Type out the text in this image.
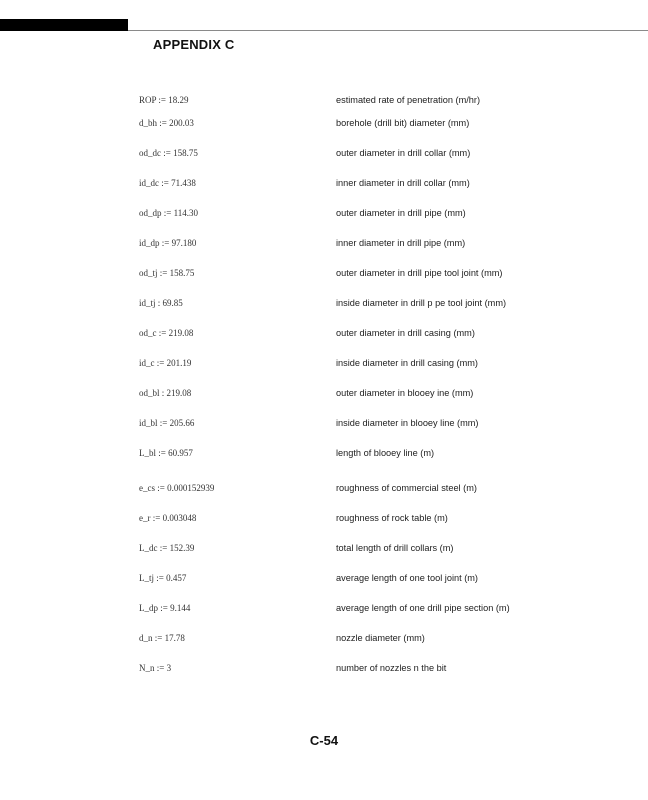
APPENDIX C
ROP := 18.29	estimated rate of penetration (m/hr)
d_bh := 200.03	borehole (drill bit) diameter (mm)
od_dc := 158.75	outer diameter in drill collar (mm)
id_dc := 71.438	inner diameter in drill collar (mm)
od_dp := 114.30	outer diameter in drill pipe (mm)
id_dp := 97.180	inner diameter in drill pipe (mm)
od_tj := 158.75	outer diameter in drill pipe tool joint (mm)
id_tj : 69.85	inside diameter in drill p pe tool joint (mm)
od_c := 219.08	outer diameter in drill casing (mm)
id_c := 201.19	inside diameter in drill casing (mm)
od_bl : 219.08	outer diameter in blooey ine (mm)
id_bl := 205.66	inside diameter in blooey line (mm)
L_bl := 60.957	length of blooey line (m)
e_cs := 0.000152939	roughness of commercial steel (m)
e_r := 0.003048	roughness of rock table (m)
L_dc := 152.39	total length of drill collars (m)
L_tj := 0.457	average length of one tool joint (m)
L_dp := 9.144	average length of one drill pipe section (m)
d_n := 17.78	nozzle diameter (mm)
N_n := 3	number of nozzles n the bit
C-54
